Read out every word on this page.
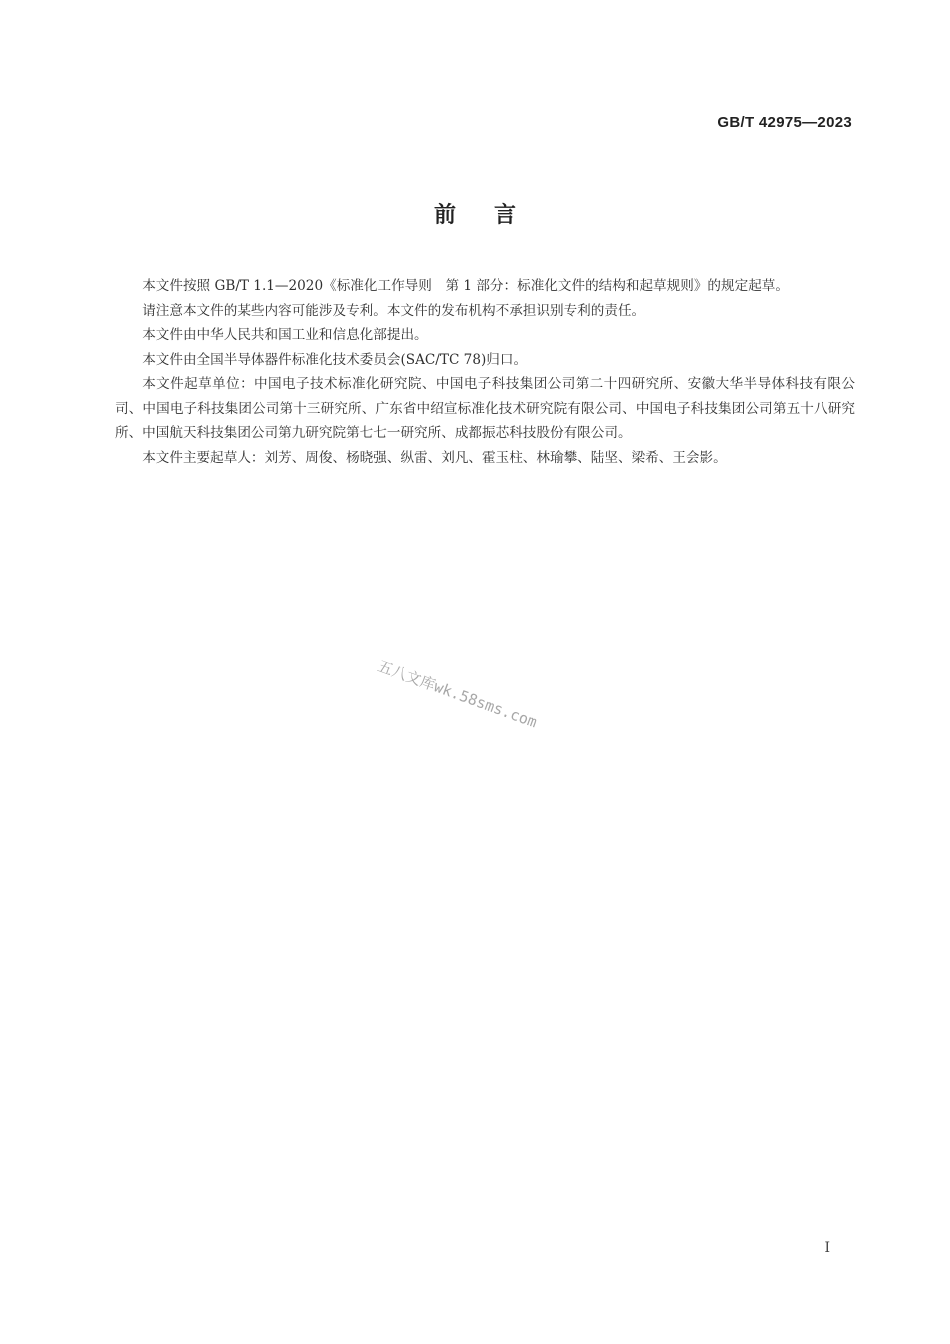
GB/T 42975—2023
前 言

本文件按照 GB/T 1.1—2020《标准化工作导则　第 1 部分：标准化文件的结构和起草规则》的规定起草。

请注意本文件的某些内容可能涉及专利。本文件的发布机构不承担识别专利的责任。

本文件由中华人民共和国工业和信息化部提出。

本文件由全国半导体器件标准化技术委员会(SAC/TC 78)归口。

本文件起草单位：中国电子技术标准化研究院、中国电子科技集团公司第二十四研究所、安徽大华半导体科技有限公司、中国电子科技集团公司第十三研究所、广东省中绍宣标准化技术研究院有限公司、中国电子科技集团公司第五十八研究所、中国航天科技集团公司第九研究院第七七一研究所、成都振芯科技股份有限公司。

本文件主要起草人：刘芳、周俊、杨晓强、纵雷、刘凡、霍玉柱、林瑜攀、陆坚、梁希、王会影。

五八文库wk.58sms.com
I
